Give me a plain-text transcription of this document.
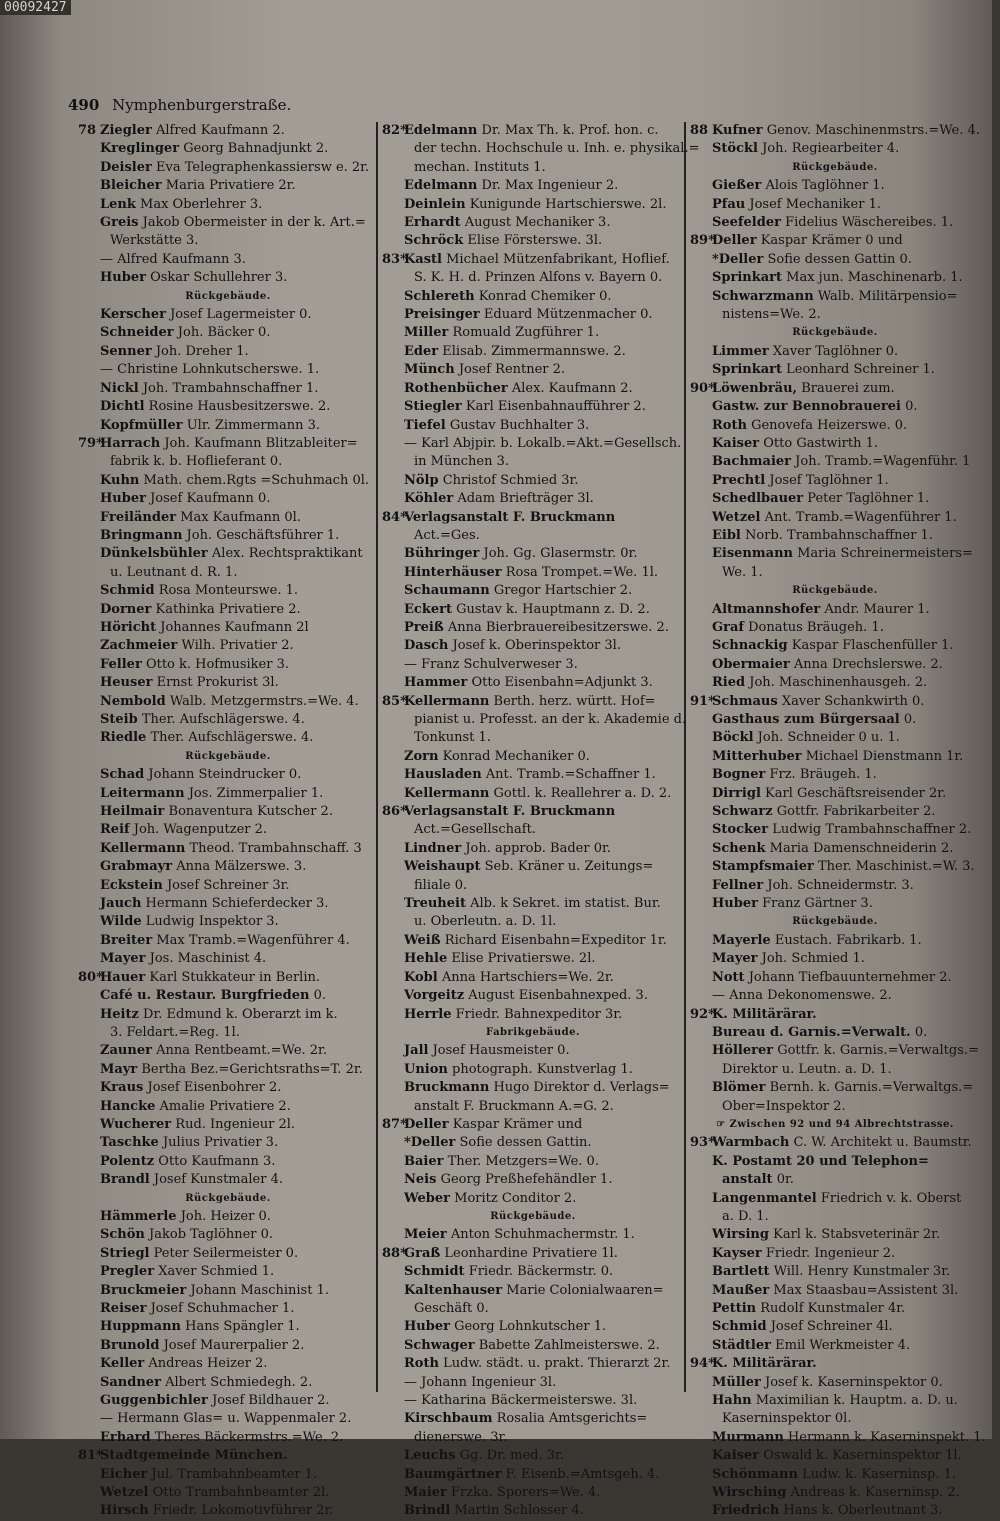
00092427
490 Nymphenburgerstraße.
78 Ziegler Alfred Kaufmann 2.
Kreglinger Georg Bahnadjunkt 2.
Deisler Eva Telegraphenkassiersw e. 2r.
Bleicher Maria Privatiere 2r.
Lenk Max Oberlehrer 3.
Greis Jakob Obermeister in der k. Art.=
Werkstätte 3.
— Alfred Kaufmann 3.
Huber Oskar Schullehrer 3.
Rückgebäude.
Kerscher Josef Lagermeister 0.
Schneider Joh. Bäcker 0.
Senner Joh. Dreher 1.
— Christine Lohnkutscherswe. 1.
Nickl Joh. Trambahnschaffner 1.
Dichtl Rosine Hausbesitzerswe. 2.
Kopfmüller Ulr. Zimmermann 3.
79*Harrach Joh. Kaufmann Blitzableiter=
fabrik k. b. Hoflieferant 0.
Kuhn Math. chem.Rgts =Schuhmach 0l.
Huber Josef Kaufmann 0.
Freiländer Max Kaufmann 0l.
Bringmann Joh. Geschäftsführer 1.
Dünkelsbühler Alex. Rechtspraktikant
u. Leutnant d. R. 1.
Schmid Rosa Monteurswe. 1.
Dorner Kathinka Privatiere 2.
Höricht Johannes Kaufmann 2l
Zachmeier Wilh. Privatier 2.
Feller Otto k. Hofmusiker 3.
Heuser Ernst Prokurist 3l.
Nembold Walb. Metzgermstrs.=We. 4.
Steib Ther. Aufschlägerswe. 4.
Riedle Ther. Aufschlägerswe. 4.
Rückgebäude.
Schad Johann Steindrucker 0.
Leitermann Jos. Zimmerpalier 1.
Heilmair Bonaventura Kutscher 2.
Reif Joh. Wagenputzer 2.
Kellermann Theod. Trambahnschaff. 3
Grabmayr Anna Mälzerswe. 3.
Eckstein Josef Schreiner 3r.
Jauch Hermann Schieferdecker 3.
Wilde Ludwig Inspektor 3.
Breiter Max Tramb.=Wagenführer 4.
Mayer Jos. Maschinist 4.
80*Hauer Karl Stukkateur in Berlin.
Café u. Restaur. Burgfrieden 0.
Heitz Dr. Edmund k. Oberarzt im k.
3. Feldart.=Reg. 1l.
Zauner Anna Rentbeamt.=We. 2r.
Mayr Bertha Bez.=Gerichtsraths=T. 2r.
Kraus Josef Eisenbohrer 2.
Hancke Amalie Privatiere 2.
Wucherer Rud. Ingenieur 2l.
Taschke Julius Privatier 3.
Polentz Otto Kaufmann 3.
Brandl Josef Kunstmaler 4.
Rückgebäude.
Hämmerle Joh. Heizer 0.
Schön Jakob Taglöhner 0.
Striegl Peter Seilermeister 0.
Pregler Xaver Schmied 1.
Bruckmeier Johann Maschinist 1.
Reiser Josef Schuhmacher 1.
Huppmann Hans Spängler 1.
Brunold Josef Maurerpalier 2.
Keller Andreas Heizer 2.
Sandner Albert Schmiedegh. 2.
Guggenbichler Josef Bildhauer 2.
— Hermann Glas= u. Wappenmaler 2.
Erhard Theres Bäckermstrs.=We. 2.
81*Stadtgemeinde München.
Eicher Jul. Trambahnbeamter 1.
Wetzel Otto Trambahnbeamter 2l.
Hirsch Friedr. Lokomotivführer 2r.
82*Edelmann Dr. Max Th. k. Prof. hon. c.
der techn. Hochschule u. Inh. e. physikal.=
mechan. Instituts 1.
Edelmann Dr. Max Ingenieur 2.
Deinlein Kunigunde Hartschierswe. 2l.
Erhardt August Mechaniker 3.
Schröck Elise Försterswe. 3l.
83*Kastl Michael Mützenfabrikant, Hoflief.
S. K. H. d. Prinzen Alfons v. Bayern 0.
Schlereth Konrad Chemiker 0.
Preisinger Eduard Mützenmacher 0.
Miller Romuald Zugführer 1.
Eder Elisab. Zimmermannswe. 2.
Münch Josef Rentner 2.
Rothenbücher Alex. Kaufmann 2.
Stiegler Karl Eisenbahnaufführer 2.
Tiefel Gustav Buchhalter 3.
— Karl Abjpir. b. Lokalb.=Akt.=Gesellsch.
in München 3.
Nölp Christof Schmied 3r.
Köhler Adam Briefträger 3l.
84*Verlagsanstalt F. Bruckmann
Act.=Ges.
Bühringer Joh. Gg. Glasermstr. 0r.
Hinterhäuser Rosa Trompet.=We. 1l.
Schaumann Gregor Hartschier 2.
Eckert Gustav k. Hauptmann z. D. 2.
Preiß Anna Bierbrauereibesitzerswe. 2.
Dasch Josef k. Oberinspektor 3l.
— Franz Schulverweser 3.
Hammer Otto Eisenbahn=Adjunkt 3.
85*Kellermann Berth. herz. württ. Hof=
pianist u. Professt. an der k. Akademie d.
Tonkunst 1.
Zorn Konrad Mechaniker 0.
Hausladen Ant. Tramb.=Schaffner 1.
Kellermann Gottl. k. Reallehrer a. D. 2.
86*Verlagsanstalt F. Bruckmann
Act.=Gesellschaft.
Lindner Joh. approb. Bader 0r.
Weishaupt Seb. Kräner u. Zeitungs=
filiale 0.
Treuheit Alb. k Sekret. im statist. Bur.
u. Oberleutn. a. D. 1l.
Weiß Richard Eisenbahn=Expeditor 1r.
Hehle Elise Privatierswe. 2l.
Kobl Anna Hartschiers=We. 2r.
Vorgeitz August Eisenbahnexped. 3.
Herrle Friedr. Bahnexpeditor 3r.
Fabrikgebäude.
Jall Josef Hausmeister 0.
Union photograph. Kunstverlag 1.
Bruckmann Hugo Direktor d. Verlags=
anstalt F. Bruckmann A.=G. 2.
87*Deller Kaspar Krämer und
*Deller Sofie dessen Gattin.
Baier Ther. Metzgers=We. 0.
Neis Georg Preßhefehändler 1.
Weber Moritz Conditor 2.
Rückgebäude.
Meier Anton Schuhmachermstr. 1.
88*Graß Leonhardine Privatiere 1l.
Schmidt Friedr. Bäckermstr. 0.
Kaltenhauser Marie Colonialwaaren=
Geschäft 0.
Huber Georg Lohnkutscher 1.
Schwager Babette Zahlmeisterswe. 2.
Roth Ludw. städt. u. prakt. Thierarzt 2r.
— Johann Ingenieur 3l.
— Katharina Bäckermeisterswe. 3l.
Kirschbaum Rosalia Amtsgerichts=
dienerswe. 3r.
Leuchs Gg. Dr. med. 3r.
Baumgärtner F. Eisenb.=Amtsgeh. 4.
Maier Frzka. Sporers=We. 4.
Brindl Martin Schlosser 4.
88 Kufner Genov. Maschinenmstrs.=We. 4.
Stöckl Joh. Regiearbeiter 4.
Rückgebäude.
Gießer Alois Taglöhner 1.
Pfau Josef Mechaniker 1.
Seefelder Fidelius Wäschereibes. 1.
89*Deller Kaspar Krämer 0 und
*Deller Sofie dessen Gattin 0.
Sprinkart Max jun. Maschinenarb. 1.
Schwarzmann Walb. Militärpensio=
nistens=We. 2.
Rückgebäude.
Limmer Xaver Taglöhner 0.
Sprinkart Leonhard Schreiner 1.
90*Löwenbräu, Brauerei zum.
Gastw. zur Bennobrauerei 0.
Roth Genovefa Heizerswe. 0.
Kaiser Otto Gastwirth 1.
Bachmaier Joh. Tramb.=Wagenführ. 1
Prechtl Josef Taglöhner 1.
Schedlbauer Peter Taglöhner 1.
Wetzel Ant. Tramb.=Wagenführer 1.
Eibl Norb. Trambahnschaffner 1.
Eisenmann Maria Schreinermeisters=
We. 1.
Rückgebäude.
Altmannshofer Andr. Maurer 1.
Graf Donatus Bräugeh. 1.
Schnackig Kaspar Flaschenfüller 1.
Obermaier Anna Drechslerswe. 2.
Ried Joh. Maschinenhausgeh. 2.
91*Schmaus Xaver Schankwirth 0.
Gasthaus zum Bürgersaal 0.
Böckl Joh. Schneider 0 u. 1.
Mitterhuber Michael Dienstmann 1r.
Bogner Frz. Bräugeh. 1.
Dirrigl Karl Geschäftsreisender 2r.
Schwarz Gottfr. Fabrikarbeiter 2.
Stocker Ludwig Trambahnschaffner 2.
Schenk Maria Damenschneiderin 2.
Stampfsmaier Ther. Maschinist.=W. 3.
Fellner Joh. Schneidermstr. 3.
Huber Franz Gärtner 3.
Rückgebäude.
Mayerle Eustach. Fabrikarb. 1.
Mayer Joh. Schmied 1.
Nott Johann Tiefbauunternehmer 2.
— Anna Dekonomenswe. 2.
92*K. Militärärar.
Bureau d. Garnis.=Verwalt. 0.
Höllerer Gottfr. k. Garnis.=Verwaltgs.=
Direktor u. Leutn. a. D. 1.
Blömer Bernh. k. Garnis.=Verwaltgs.=
Ober=Inspektor 2.
☞ Zwischen 92 und 94 Albrechtstrasse.
93*Warmbach C. W. Architekt u. Baumstr.
K. Postamt 20 und Telephon=
anstalt 0r.
Langenmantel Friedrich v. k. Oberst
a. D. 1.
Wirsing Karl k. Stabsveterinär 2r.
Kayser Friedr. Ingenieur 2.
Bartlett Will. Henry Kunstmaler 3r.
Maußer Max Staasbau=Assistent 3l.
Pettin Rudolf Kunstmaler 4r.
Schmid Josef Schreiner 4l.
Städtler Emil Werkmeister 4.
94*K. Militärärar.
Müller Josef k. Kaserninspektor 0.
Hahn Maximilian k. Hauptm. a. D. u.
Kaserninspektor 0l.
Murmann Hermann k. Kaserninspekt. 1.
Kaiser Oswald k. Kaserninspektor 1l.
Schönmann Ludw. k. Kaserninsp. 1.
Wirsching Andreas k. Kaserninsp. 2.
Friedrich Hans k. Oberleutnant 3.
